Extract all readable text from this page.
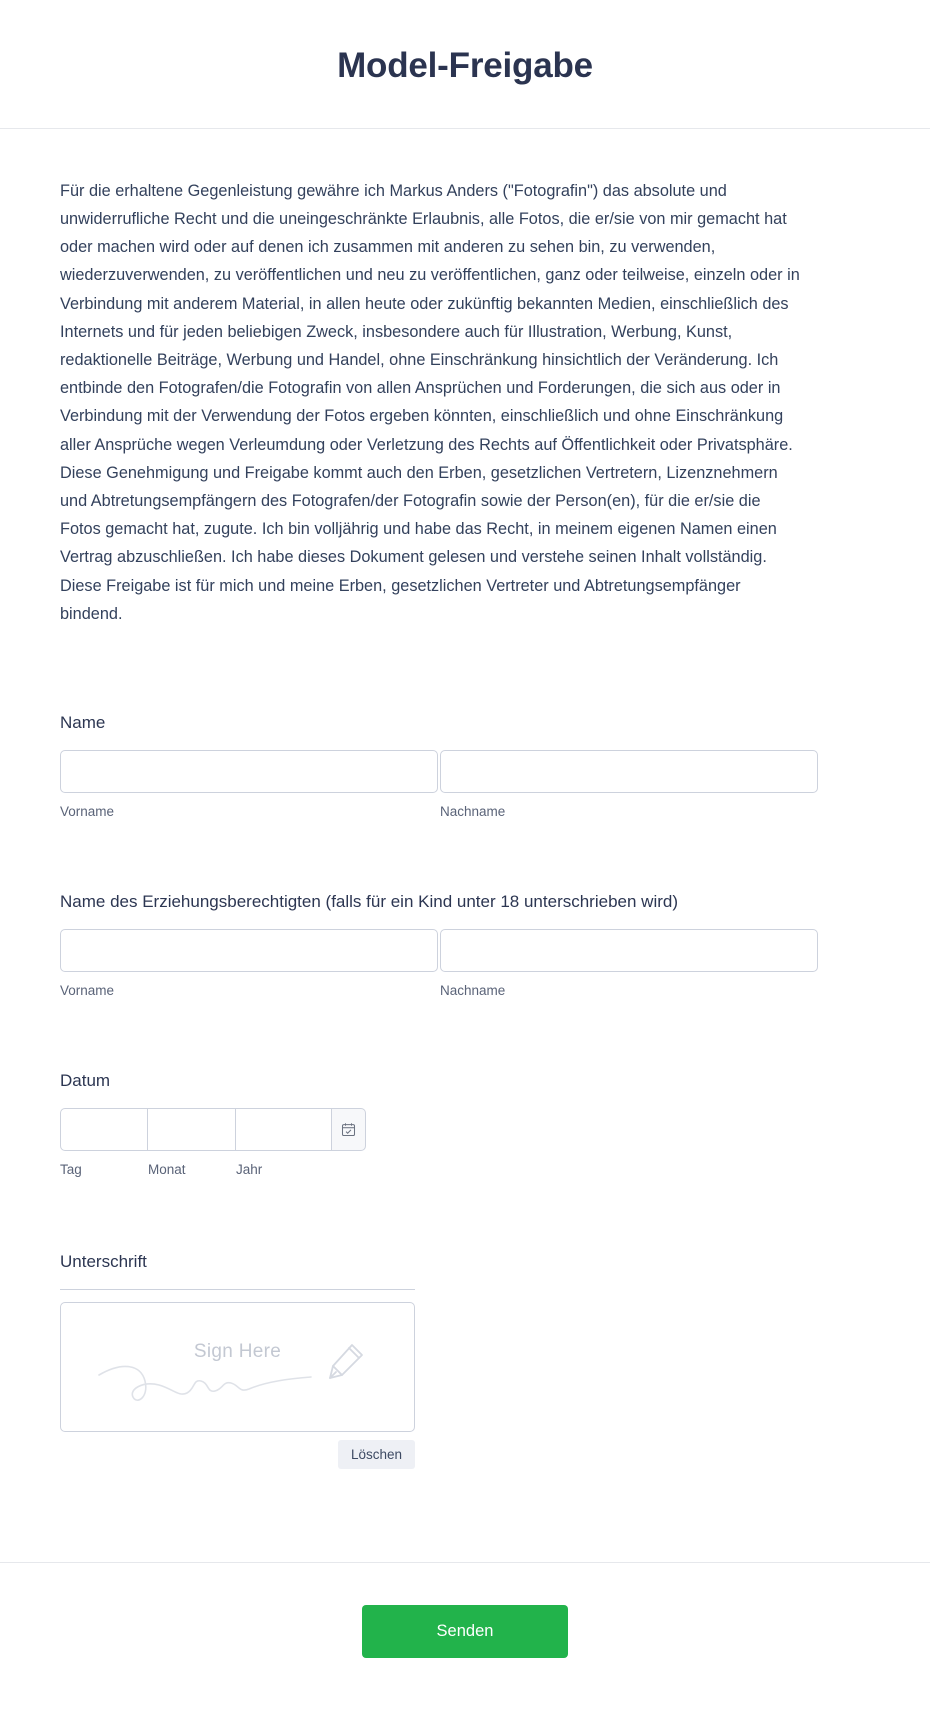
Model-Freigabe

Für die erhaltene Gegenleistung gewähre ich Markus Anders ("Fotografin") das absolute und unwiderrufliche Recht und die uneingeschränkte Erlaubnis, alle Fotos, die er/sie von mir gemacht hat oder machen wird oder auf denen ich zusammen mit anderen zu sehen bin, zu verwenden, wiederzuverwenden, zu veröffentlichen und neu zu veröffentlichen, ganz oder teilweise, einzeln oder in Verbindung mit anderem Material, in allen heute oder zukünftig bekannten Medien, einschließlich des Internets und für jeden beliebigen Zweck, insbesondere auch für Illustration, Werbung, Kunst, redaktionelle Beiträge, Werbung und Handel, ohne Einschränkung hinsichtlich der Veränderung. Ich entbinde den Fotografen/die Fotografin von allen Ansprüchen und Forderungen, die sich aus oder in Verbindung mit der Verwendung der Fotos ergeben könnten, einschließlich und ohne Einschränkung aller Ansprüche wegen Verleumdung oder Verletzung des Rechts auf Öffentlichkeit oder Privatsphäre. Diese Genehmigung und Freigabe kommt auch den Erben, gesetzlichen Vertretern, Lizenznehmern und Abtretungsempfängern des Fotografen/der Fotografin sowie der Person(en), für die er/sie die Fotos gemacht hat, zugute. Ich bin volljährig und habe das Recht, in meinem eigenen Namen einen Vertrag abzuschließen. Ich habe dieses Dokument gelesen und verstehe seinen Inhalt vollständig. Diese Freigabe ist für mich und meine Erben, gesetzlichen Vertreter und Abtretungsempfänger bindend.

Name
Vorname	Nachname
Name des Erziehungsberechtigten (falls für ein Kind unter 18 unterschrieben wird)
Vorname	Nachname
Datum
Tag	Monat	Jahr
Unterschrift
Sign Here
Löschen
Senden
